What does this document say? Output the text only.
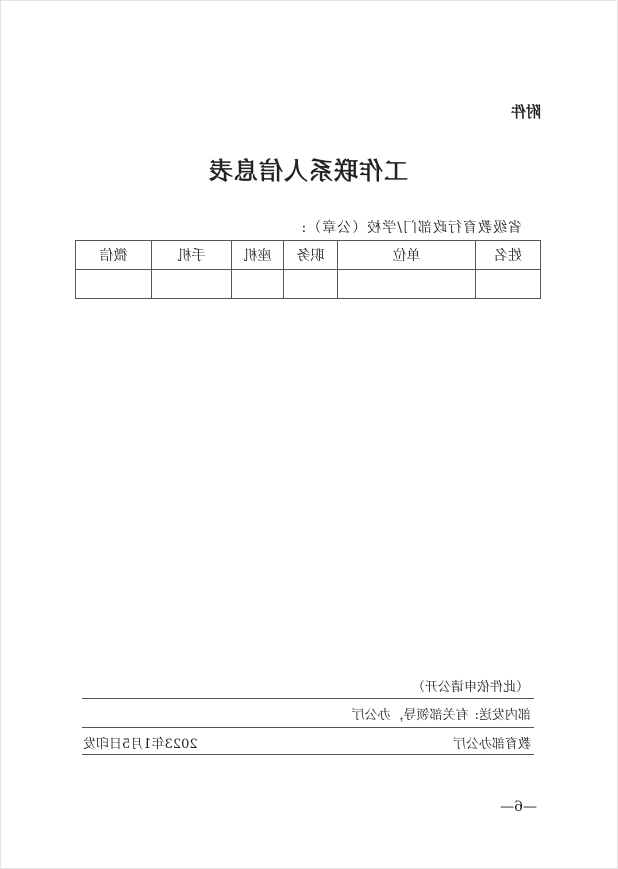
附件
工作联系人信息表
省级教育行政部门/学校（公章）:
姓名	单位	职务	座机	手机	微信

（此件依申请公开）
部内发送:有关部领导，办公厅
教育部办公厅
2023年1月5日印发
—6—
